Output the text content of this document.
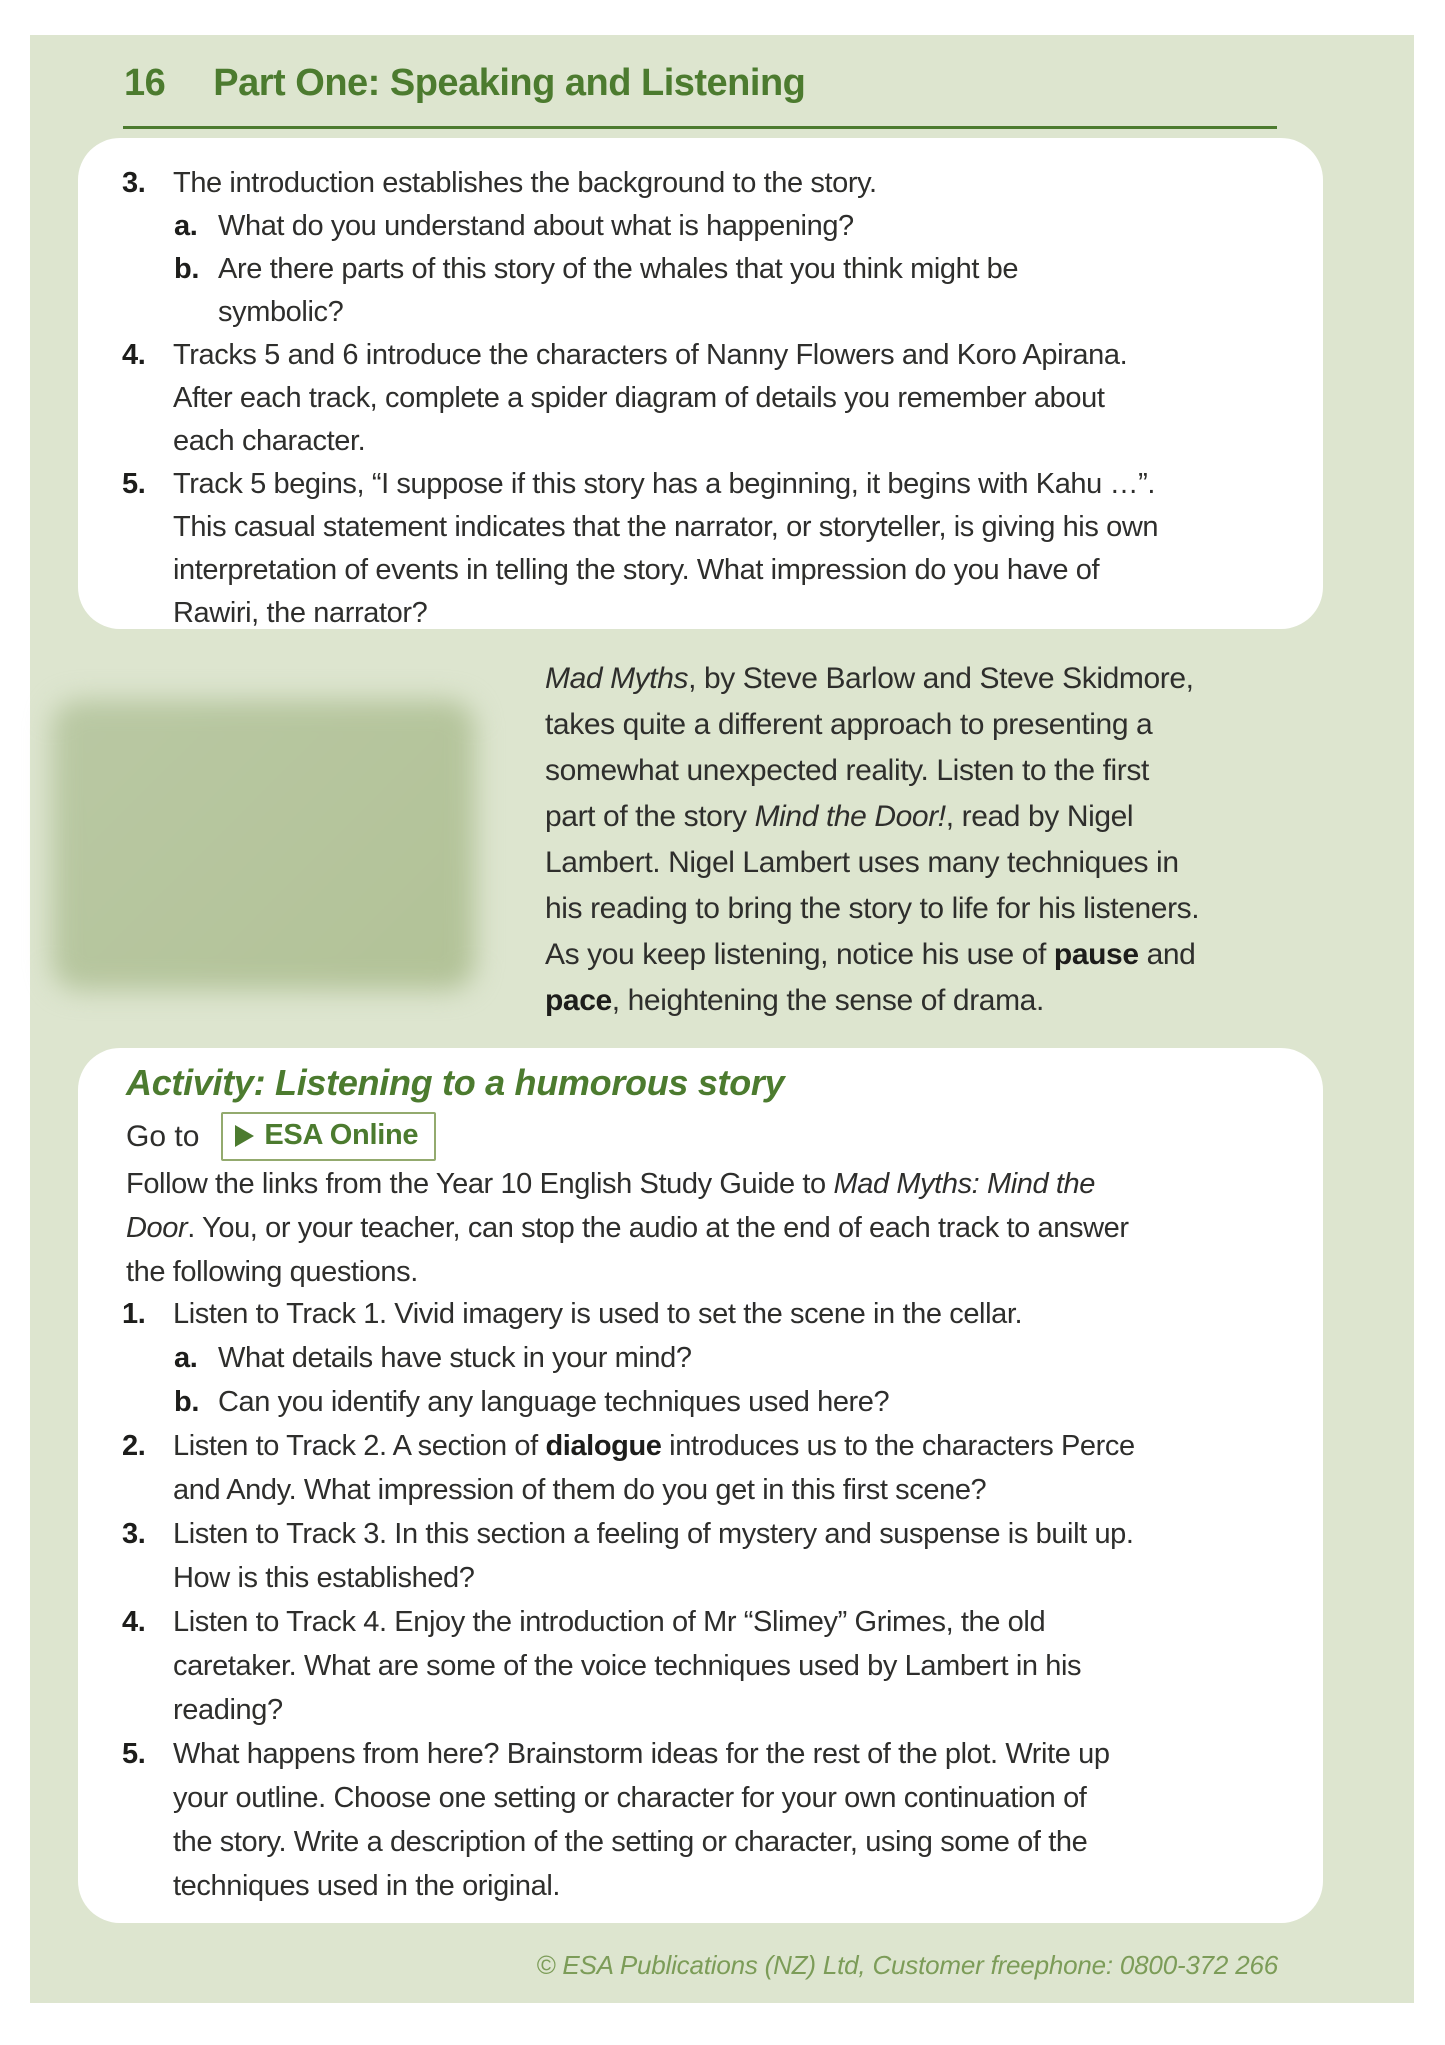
16 Part One: Speaking and Listening
3. The introduction establishes the background to the story.
a. What do you understand about what is happening?
b. Are there parts of this story of the whales that you think might be
symbolic?
4. Tracks 5 and 6 introduce the characters of Nanny Flowers and Koro Apirana.
After each track, complete a spider diagram of details you remember about
each character.
5. Track 5 begins, “I suppose if this story has a beginning, it begins with Kahu …”.
This casual statement indicates that the narrator, or storyteller, is giving his own
interpretation of events in telling the story. What impression do you have of
Rawiri, the narrator?
Mad Myths, by Steve Barlow and Steve Skidmore,
takes quite a different approach to presenting a
somewhat unexpected reality. Listen to the first
part of the story Mind the Door!, read by Nigel
Lambert. Nigel Lambert uses many techniques in
his reading to bring the story to life for his listeners.
As you keep listening, notice his use of pause and
pace, heightening the sense of drama.
Activity: Listening to a humorous story
Go to ESA Online
Follow the links from the Year 10 English Study Guide to Mad Myths: Mind the
Door. You, or your teacher, can stop the audio at the end of each track to answer
the following questions.
1. Listen to Track 1. Vivid imagery is used to set the scene in the cellar.
a. What details have stuck in your mind?
b. Can you identify any language techniques used here?
2. Listen to Track 2. A section of dialogue introduces us to the characters Perce
and Andy. What impression of them do you get in this first scene?
3. Listen to Track 3. In this section a feeling of mystery and suspense is built up.
How is this established?
4. Listen to Track 4. Enjoy the introduction of Mr “Slimey” Grimes, the old
caretaker. What are some of the voice techniques used by Lambert in his
reading?
5. What happens from here? Brainstorm ideas for the rest of the plot. Write up
your outline. Choose one setting or character for your own continuation of
the story. Write a description of the setting or character, using some of the
techniques used in the original.
© ESA Publications (NZ) Ltd, Customer freephone: 0800-372 266
